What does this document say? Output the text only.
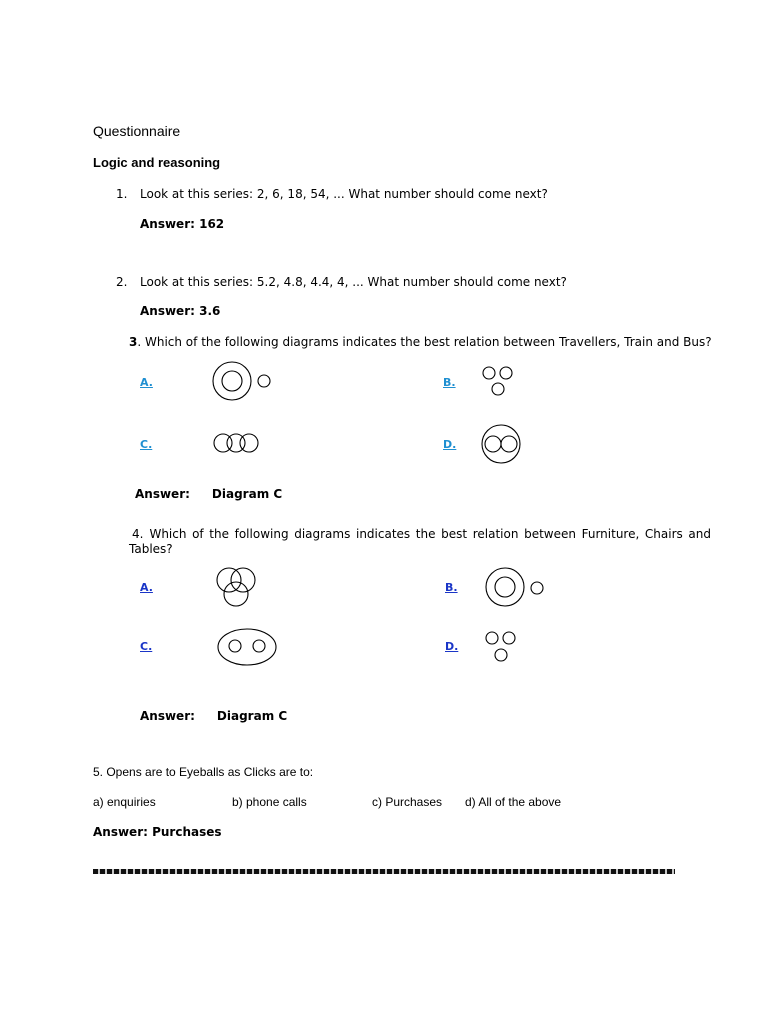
Questionnaire
Logic and reasoning
1. Look at this series: 2, 6, 18, 54, ... What number should come next?
Answer: 162
2. Look at this series: 5.2, 4.8, 4.4, 4, ... What number should come next?
Answer: 3.6
3. Which of the following diagrams indicates the best relation between Travellers, Train and Bus?
A.	B.
C.	D.
Answer: Diagram C
4. Which of the following diagrams indicates the best relation between Furniture, Chairs and Tables?
A.	B.
C.	D.
Answer: Diagram C
5. Opens are to Eyeballs as Clicks are to:
a) enquiries	b) phone calls	c) Purchases d) All of the above
Answer: Purchases
